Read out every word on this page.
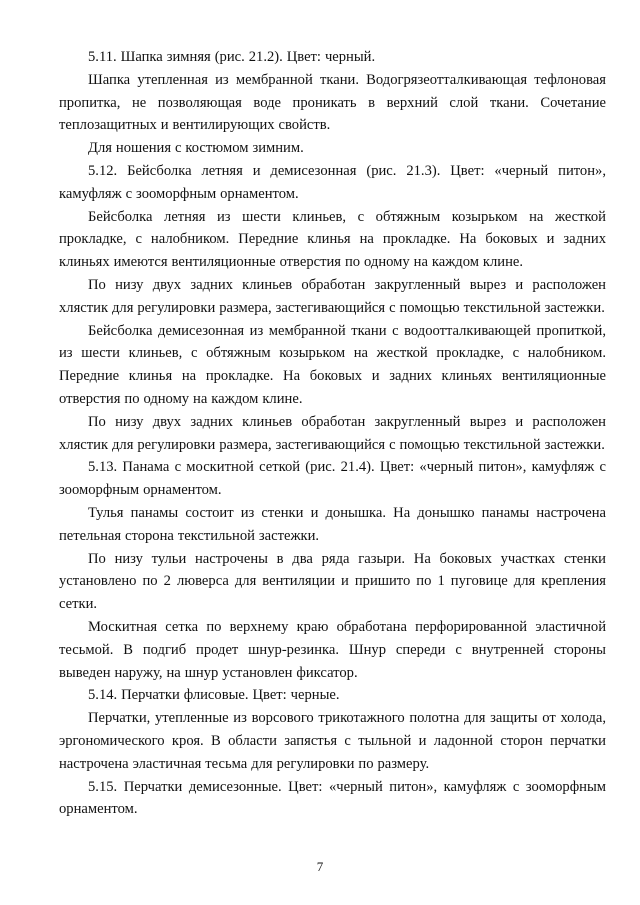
5.11. Шапка зимняя (рис. 21.2). Цвет: черный.

Шапка утепленная из мембранной ткани. Водогрязеотталкивающая тефлоновая пропитка, не позволяющая воде проникать в верхний слой ткани. Сочетание теплозащитных и вентилирующих свойств.

Для ношения с костюмом зимним.

5.12. Бейсболка летняя и демисезонная (рис. 21.3). Цвет: «черный питон», камуфляж с зооморфным орнаментом.

Бейсболка летняя из шести клиньев, с обтяжным козырьком на жесткой прокладке, с налобником. Передние клинья на прокладке. На боковых и задних клиньях имеются вентиляционные отверстия по одному на каждом клине.

По низу двух задних клиньев обработан закругленный вырез и расположен хлястик для регулировки размера, застегивающийся с помощью текстильной застежки.

Бейсболка демисезонная из мембранной ткани с водоотталкивающей пропиткой, из шести клиньев, с обтяжным козырьком на жесткой прокладке, с налобником. Передние клинья на прокладке. На боковых и задних клиньях вентиляционные отверстия по одному на каждом клине.

По низу двух задних клиньев обработан закругленный вырез и расположен хлястик для регулировки размера, застегивающийся с помощью текстильной застежки.

5.13. Панама с москитной сеткой (рис. 21.4). Цвет: «черный питон», камуфляж с зооморфным орнаментом.

Тулья панамы состоит из стенки и донышка. На донышко панамы настрочена петельная сторона текстильной застежки.

По низу тульи настрочены в два ряда газыри. На боковых участках стенки установлено по 2 люверса для вентиляции и пришито по 1 пуговице для крепления сетки.

Москитная сетка по верхнему краю обработана перфорированной эластичной тесьмой. В подгиб продет шнур-резинка. Шнур спереди с внутренней стороны выведен наружу, на шнур установлен фиксатор.

5.14. Перчатки флисовые. Цвет: черные.

Перчатки, утепленные из ворсового трикотажного полотна для защиты от холода, эргономического кроя. В области запястья с тыльной и ладонной сторон перчатки настрочена эластичная тесьма для регулировки по размеру.

5.15. Перчатки демисезонные. Цвет: «черный питон», камуфляж с зооморфным орнаментом.

7
